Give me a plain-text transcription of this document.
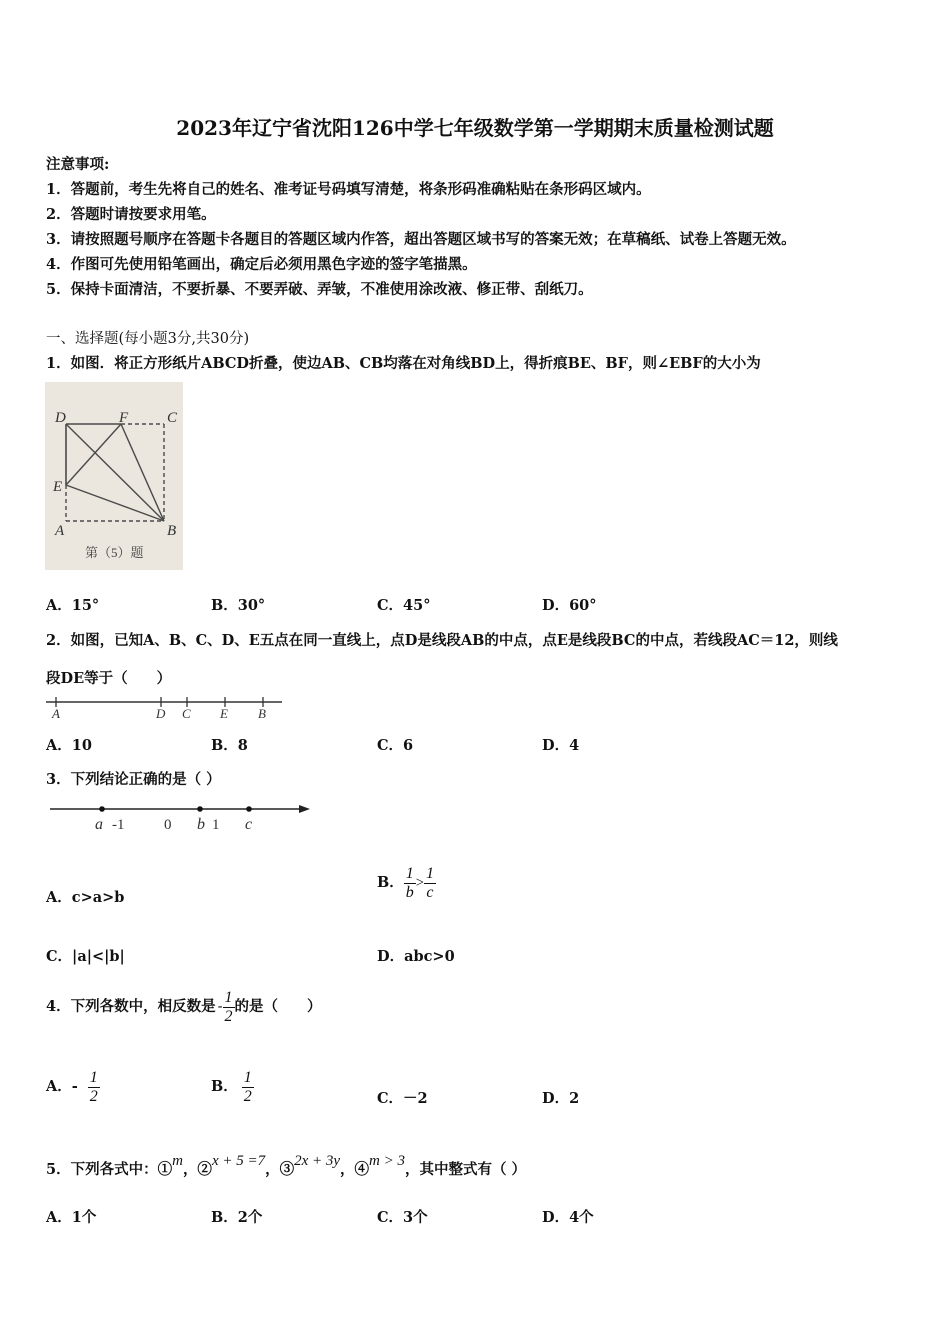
2023年辽宁省沈阳126中学七年级数学第一学期期末质量检测试题
注意事项:
1．答题前，考生先将自己的姓名、准考证号码填写清楚，将条形码准确粘贴在条形码区域内。
2．答题时请按要求用笔。
3．请按照题号顺序在答题卡各题目的答题区域内作答，超出答题区域书写的答案无效；在草稿纸、试卷上答题无效。
4．作图可先使用铅笔画出，确定后必须用黑色字迹的签字笔描黑。
5．保持卡面清洁，不要折暴、不要弄破、弄皱，不准使用涂改液、修正带、刮纸刀。
一、选择题(每小题3分,共30分)
1．如图．将正方形纸片ABCD折叠，使边AB、CB均落在对角线BD上，得折痕BE、BF，则∠EBF的大小为
D	F	C
E
A	B
第（5）题
A．15°	B．30°	C．45°	D．60°
2．如图，已知A、B、C、D、E五点在同一直线上，点D是线段AB的中点，点E是线段BC的中点，若线段AC＝12，则线
段DE等于（　　）
A	D C E B
A．10	B．8	C．6	D．4
3．下列结论正确的是（ ）
a -1	0 b 1 c
A．c>a>b
B． $\frac{1}{b} > \frac{1}{c}$
C．|a|<|b|	D．abc>0
4．下列各数中，相反数是 - $\frac{1}{2}$ 的是（　　）
A．- $\frac{1}{2}$	B． $\frac{1}{2}$	C．－2	D．2
5．下列各式中：①m，②x + 5 =7，③2x + 3y，④m > 3，其中整式有（ ）
A．1个	B．2个	C．3个	D．4个
